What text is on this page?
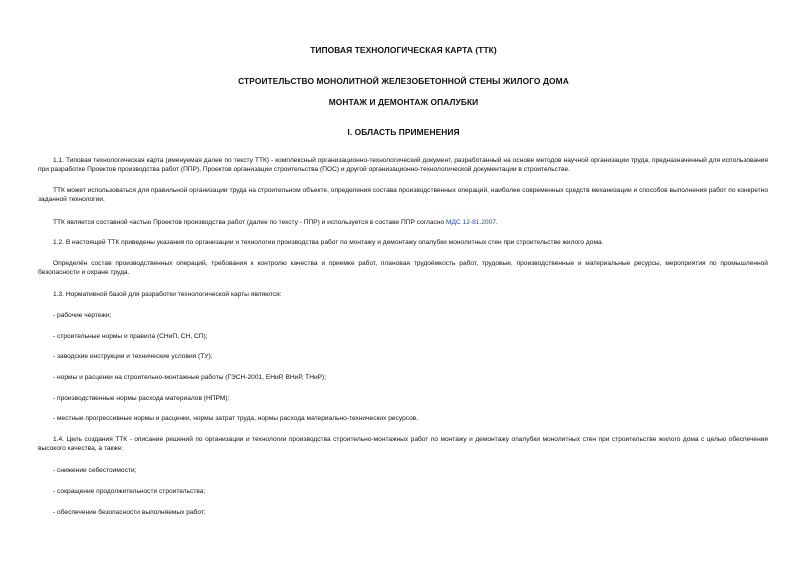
ТИПОВАЯ ТЕХНОЛОГИЧЕСКАЯ КАРТА (ТТК)
СТРОИТЕЛЬСТВО МОНОЛИТНОЙ ЖЕЛЕЗОБЕТОННОЙ СТЕНЫ ЖИЛОГО ДОМА
МОНТАЖ И ДЕМОНТАЖ ОПАЛУБКИ
I. ОБЛАСТЬ ПРИМЕНЕНИЯ
1.1. Типовая технологическая карта (именуемая далее по тексту ТТК) - комплексный организационно-технологический документ, разработанный на основе методов научной организации труда, предназначенный для использования при разработке Проектов производства работ (ППР), Проектов организации строительства (ПОС) и другой организационно-технологической документации в строительстве.
ТТК может использоваться для правильной организации труда на строительном объекте, определения состава производственных операций, наиболее современных средств механизации и способов выполнения работ по конкретно заданной технологии.
ТТК является составной частью Проектов производства работ (далее по тексту - ППР) и используется в составе ППР согласно МДС 12-81.2007.
1.2. В настоящей ТТК приведены указания по организации и технологии производства работ по монтажу и демонтажу опалубки монолитных стен при строительстве жилого дома.
Определён состав производственных операций, требования к контролю качества и приемке работ, плановая трудоёмкость работ, трудовые, производственные и материальные ресурсы, мероприятия по промышленной безопасности и охране труда.
1.3. Нормативной базой для разработки технологической карты являются:
- рабочие чертежи;
- строительные нормы и правила (СНиП, СН, СП);
- заводские инструкции и технические условия (ТУ);
- нормы и расценки на строительно-монтажные работы (ГЭСН-2001, ЕНиР, ВНиР, ТНиР);
- производственные нормы расхода материалов (НПРМ);
- местные прогрессивные нормы и расценки, нормы затрат труда, нормы расхода материально-технических ресурсов.
1.4. Цель создания ТТК - описание решений по организации и технологии производства строительно-монтажных работ по монтажу и демонтажу опалубки монолитных стен при строительстве жилого дома с целью обеспечения высокого качества, а также:
- снижение себестоимости;
- сокращение продолжительности строительства;
- обеспечение безопасности выполняемых работ;
